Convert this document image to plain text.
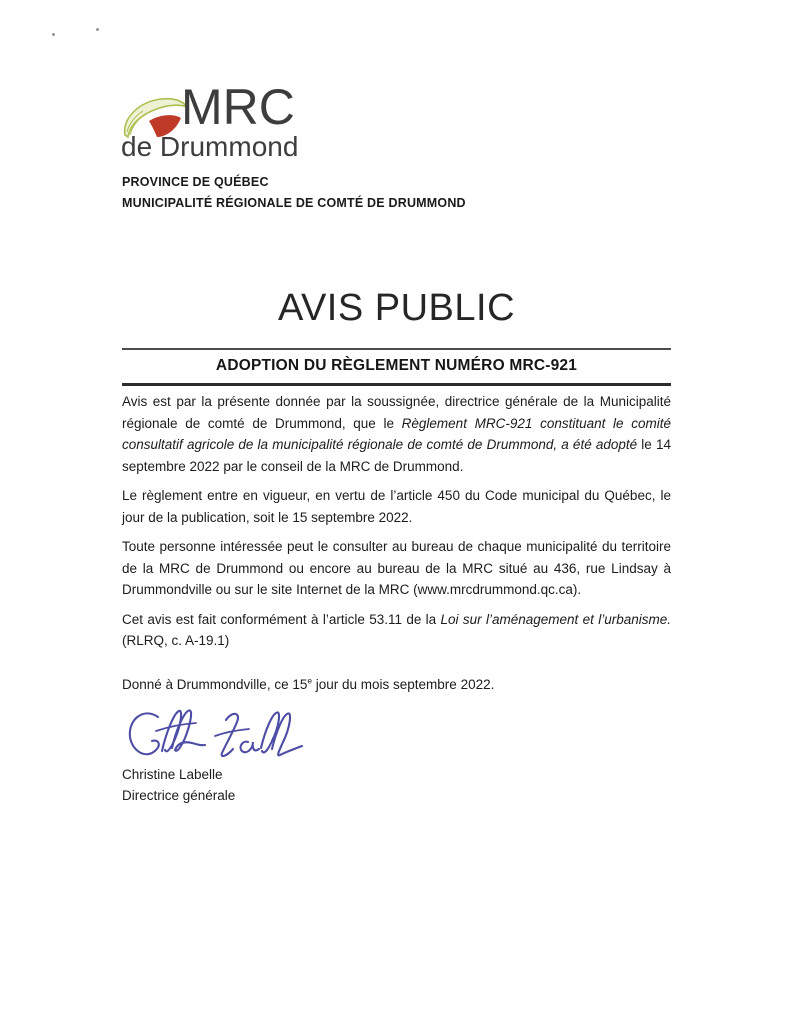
MRC
de Drummond
PROVINCE DE QUÉBEC
MUNICIPALITÉ RÉGIONALE DE COMTÉ DE DRUMMOND
AVIS PUBLIC
ADOPTION DU RÈGLEMENT NUMÉRO MRC-921

Avis est par la présente donnée par la soussignée, directrice générale de la Municipalité régionale de comté de Drummond, que le Règlement MRC-921 constituant le comité consultatif agricole de la municipalité régionale de comté de Drummond, a été adopté le 14 septembre 2022 par le conseil de la MRC de Drummond.

Le règlement entre en vigueur, en vertu de l’article 450 du Code municipal du Québec, le jour de la publication, soit le 15 septembre 2022.

Toute personne intéressée peut le consulter au bureau de chaque municipalité du territoire de la MRC de Drummond ou encore au bureau de la MRC situé au 436, rue Lindsay à Drummondville ou sur le site Internet de la MRC (www.mrcdrummond.qc.ca).

Cet avis est fait conformément à l’article 53.11 de la Loi sur l’aménagement et l’urbanisme. (RLRQ, c. A-19.1)

Donné à Drummondville, ce 15e jour du mois septembre 2022.
Christine Labelle
Directrice générale
